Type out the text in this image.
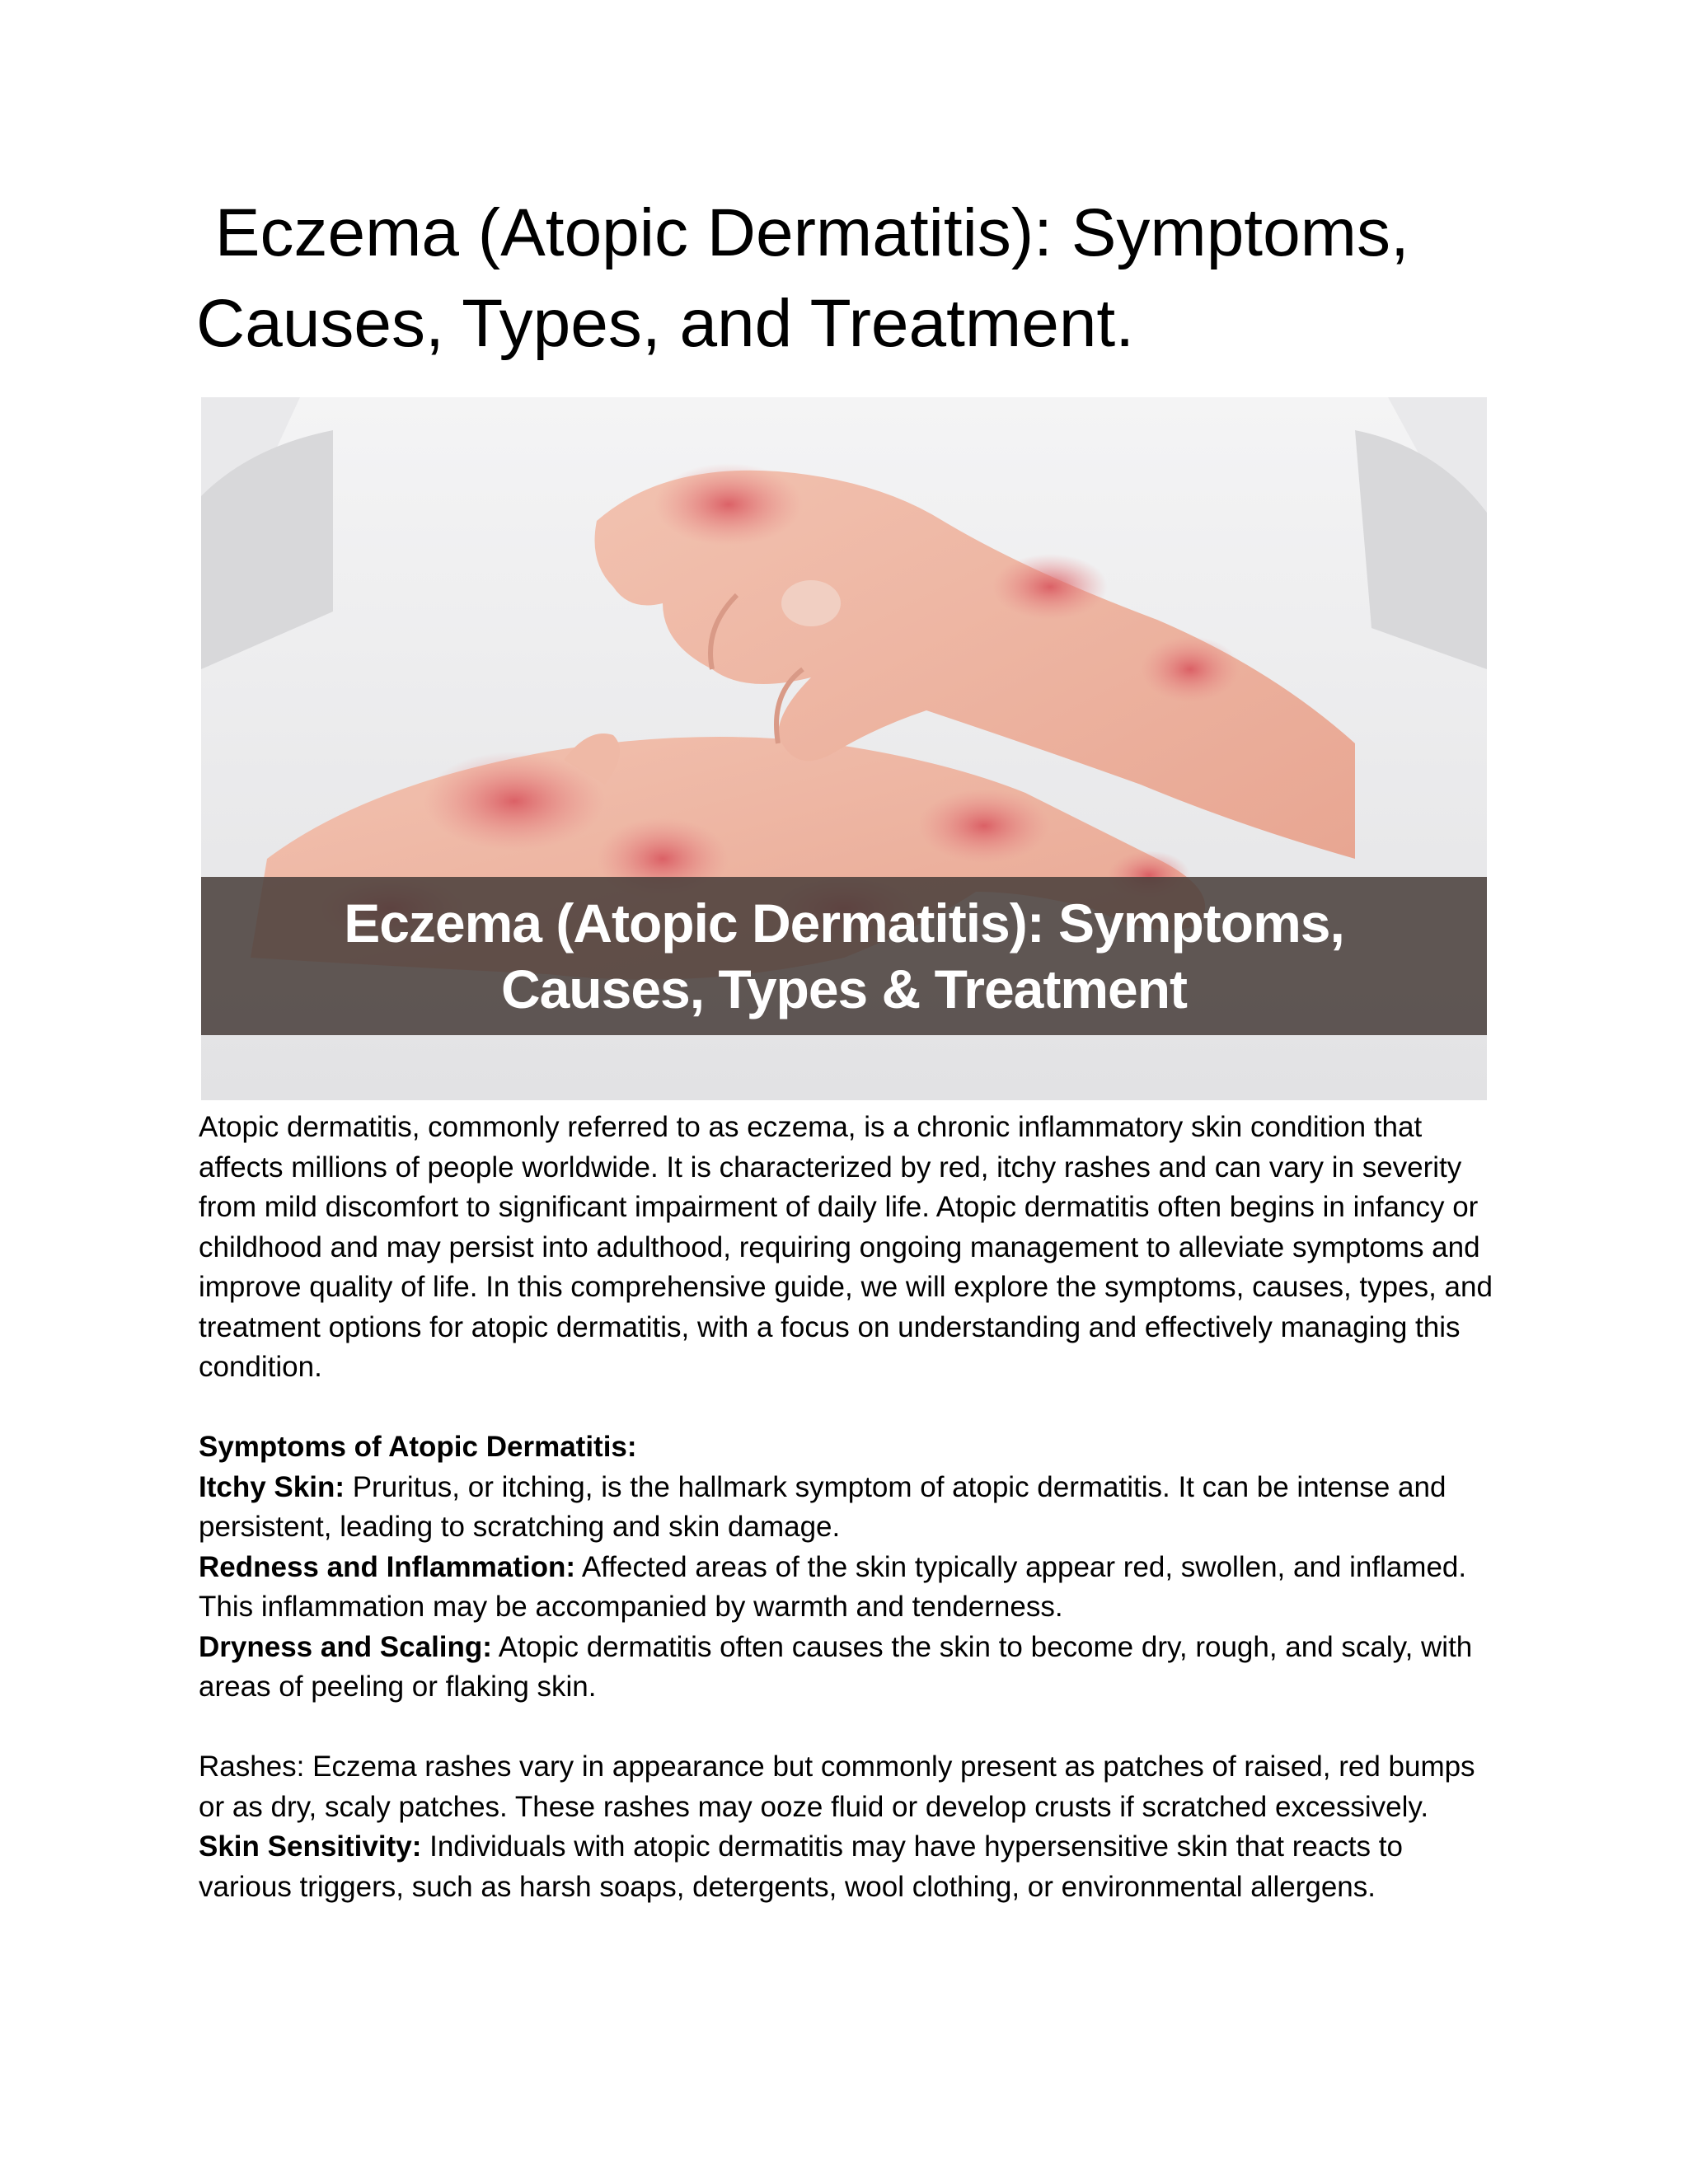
Eczema (Atopic Dermatitis): Symptoms, Causes, Types, and Treatment.
Eczema (Atopic Dermatitis): Symptoms,
Causes, Types & Treatment

Atopic dermatitis, commonly referred to as eczema, is a chronic inflammatory skin condition that affects millions of people worldwide. It is characterized by red, itchy rashes and can vary in severity from mild discomfort to significant impairment of daily life. Atopic dermatitis often begins in infancy or childhood and may persist into adulthood, requiring ongoing management to alleviate symptoms and improve quality of life. In this comprehensive guide, we will explore the symptoms, causes, types, and treatment options for atopic dermatitis, with a focus on understanding and effectively managing this condition.

Symptoms of Atopic Dermatitis:

Itchy Skin: Pruritus, or itching, is the hallmark symptom of atopic dermatitis. It can be intense and persistent, leading to scratching and skin damage.

Redness and Inflammation: Affected areas of the skin typically appear red, swollen, and inflamed. This inflammation may be accompanied by warmth and tenderness.

Dryness and Scaling: Atopic dermatitis often causes the skin to become dry, rough, and scaly, with areas of peeling or flaking skin.

Rashes: Eczema rashes vary in appearance but commonly present as patches of raised, red bumps or as dry, scaly patches. These rashes may ooze fluid or develop crusts if scratched excessively.

Skin Sensitivity: Individuals with atopic dermatitis may have hypersensitive skin that reacts to various triggers, such as harsh soaps, detergents, wool clothing, or environmental allergens.
